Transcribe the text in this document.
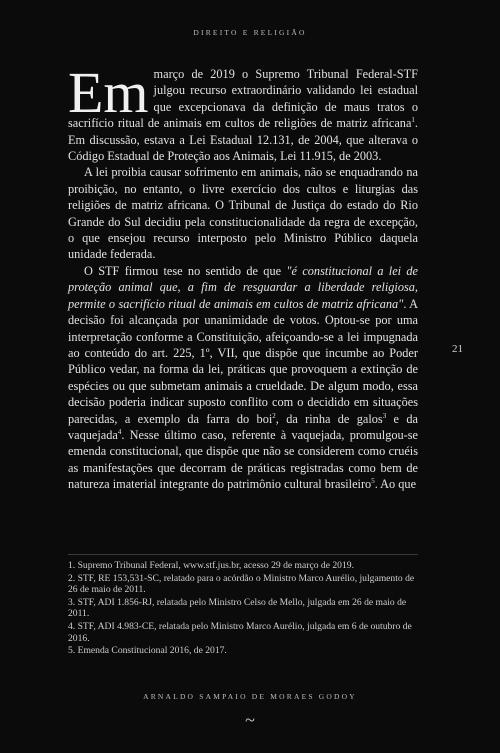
DIREITO E RELIGIÃO

Em março de 2019 o Supremo Tribunal Federal-STF julgou recurso extraordinário validando lei estadual que excepcionava da definição de maus tratos o sacrifício ritual de animais em cultos de religiões de matriz africana$^1$. Em discussão, estava a Lei Estadual 12.131, de 2004, que alterava o Código Estadual de Proteção aos Animais, Lei 11.915, de 2003.

A lei proibia causar sofrimento em animais, não se enquadrando na proibição, no entanto, o livre exercício dos cultos e liturgias das religiões de matriz africana. O Tribunal de Justiça do estado do Rio Grande do Sul decidiu pela constitucionalidade da regra de excepção, o que ensejou recurso interposto pelo Ministro Público daquela unidade federada.

O STF firmou tese no sentido de que "é constitucional a lei de proteção animal que, a fim de resguardar a liberdade religiosa, permite o sacrifício ritual de animais em cultos de matriz africana". A decisão foi alcançada por unanimidade de votos. Optou-se por uma interpretação conforme a Constituição, afeiçoando-se a lei impugnada ao conteúdo do art. 225, 1º, VII, que dispõe que incumbe ao Poder Público vedar, na forma da lei, práticas que provoquem a extinção de espécies ou que submetam animais a crueldade. De algum modo, essa decisão poderia indicar suposto conflito com o decidido em situações parecidas, a exemplo da farra do boi$^2$, da rinha de galos$^3$ e da vaquejada$^4$. Nesse último caso, referente à vaquejada, promulgou-se emenda constitucional, que dispõe que não se considerem como cruéis as manifestações que decorram de práticas registradas como bem de natureza imaterial integrante do patrimônio cultural brasileiro$^5$. Ao que

21
1. Supremo Tribunal Federal, www.stf.jus.br, acesso 29 de março de 2019.
2. STF, RE 153,531-SC, relatado para o acórdão o Ministro Marco Aurélio, julgamento de 26 de maio de 2011.
3. STF, ADI 1.856-RJ, relatada pelo Ministro Celso de Mello, julgada em 26 de maio de 2011.
4. STF, ADI 4.983-CE, relatada pelo Ministro Marco Aurélio, julgada em 6 de outubro de 2016.
5. Emenda Constitucional 2016, de 2017.
ARNALDO SAMPAIO DE MORAES GODOY
~
